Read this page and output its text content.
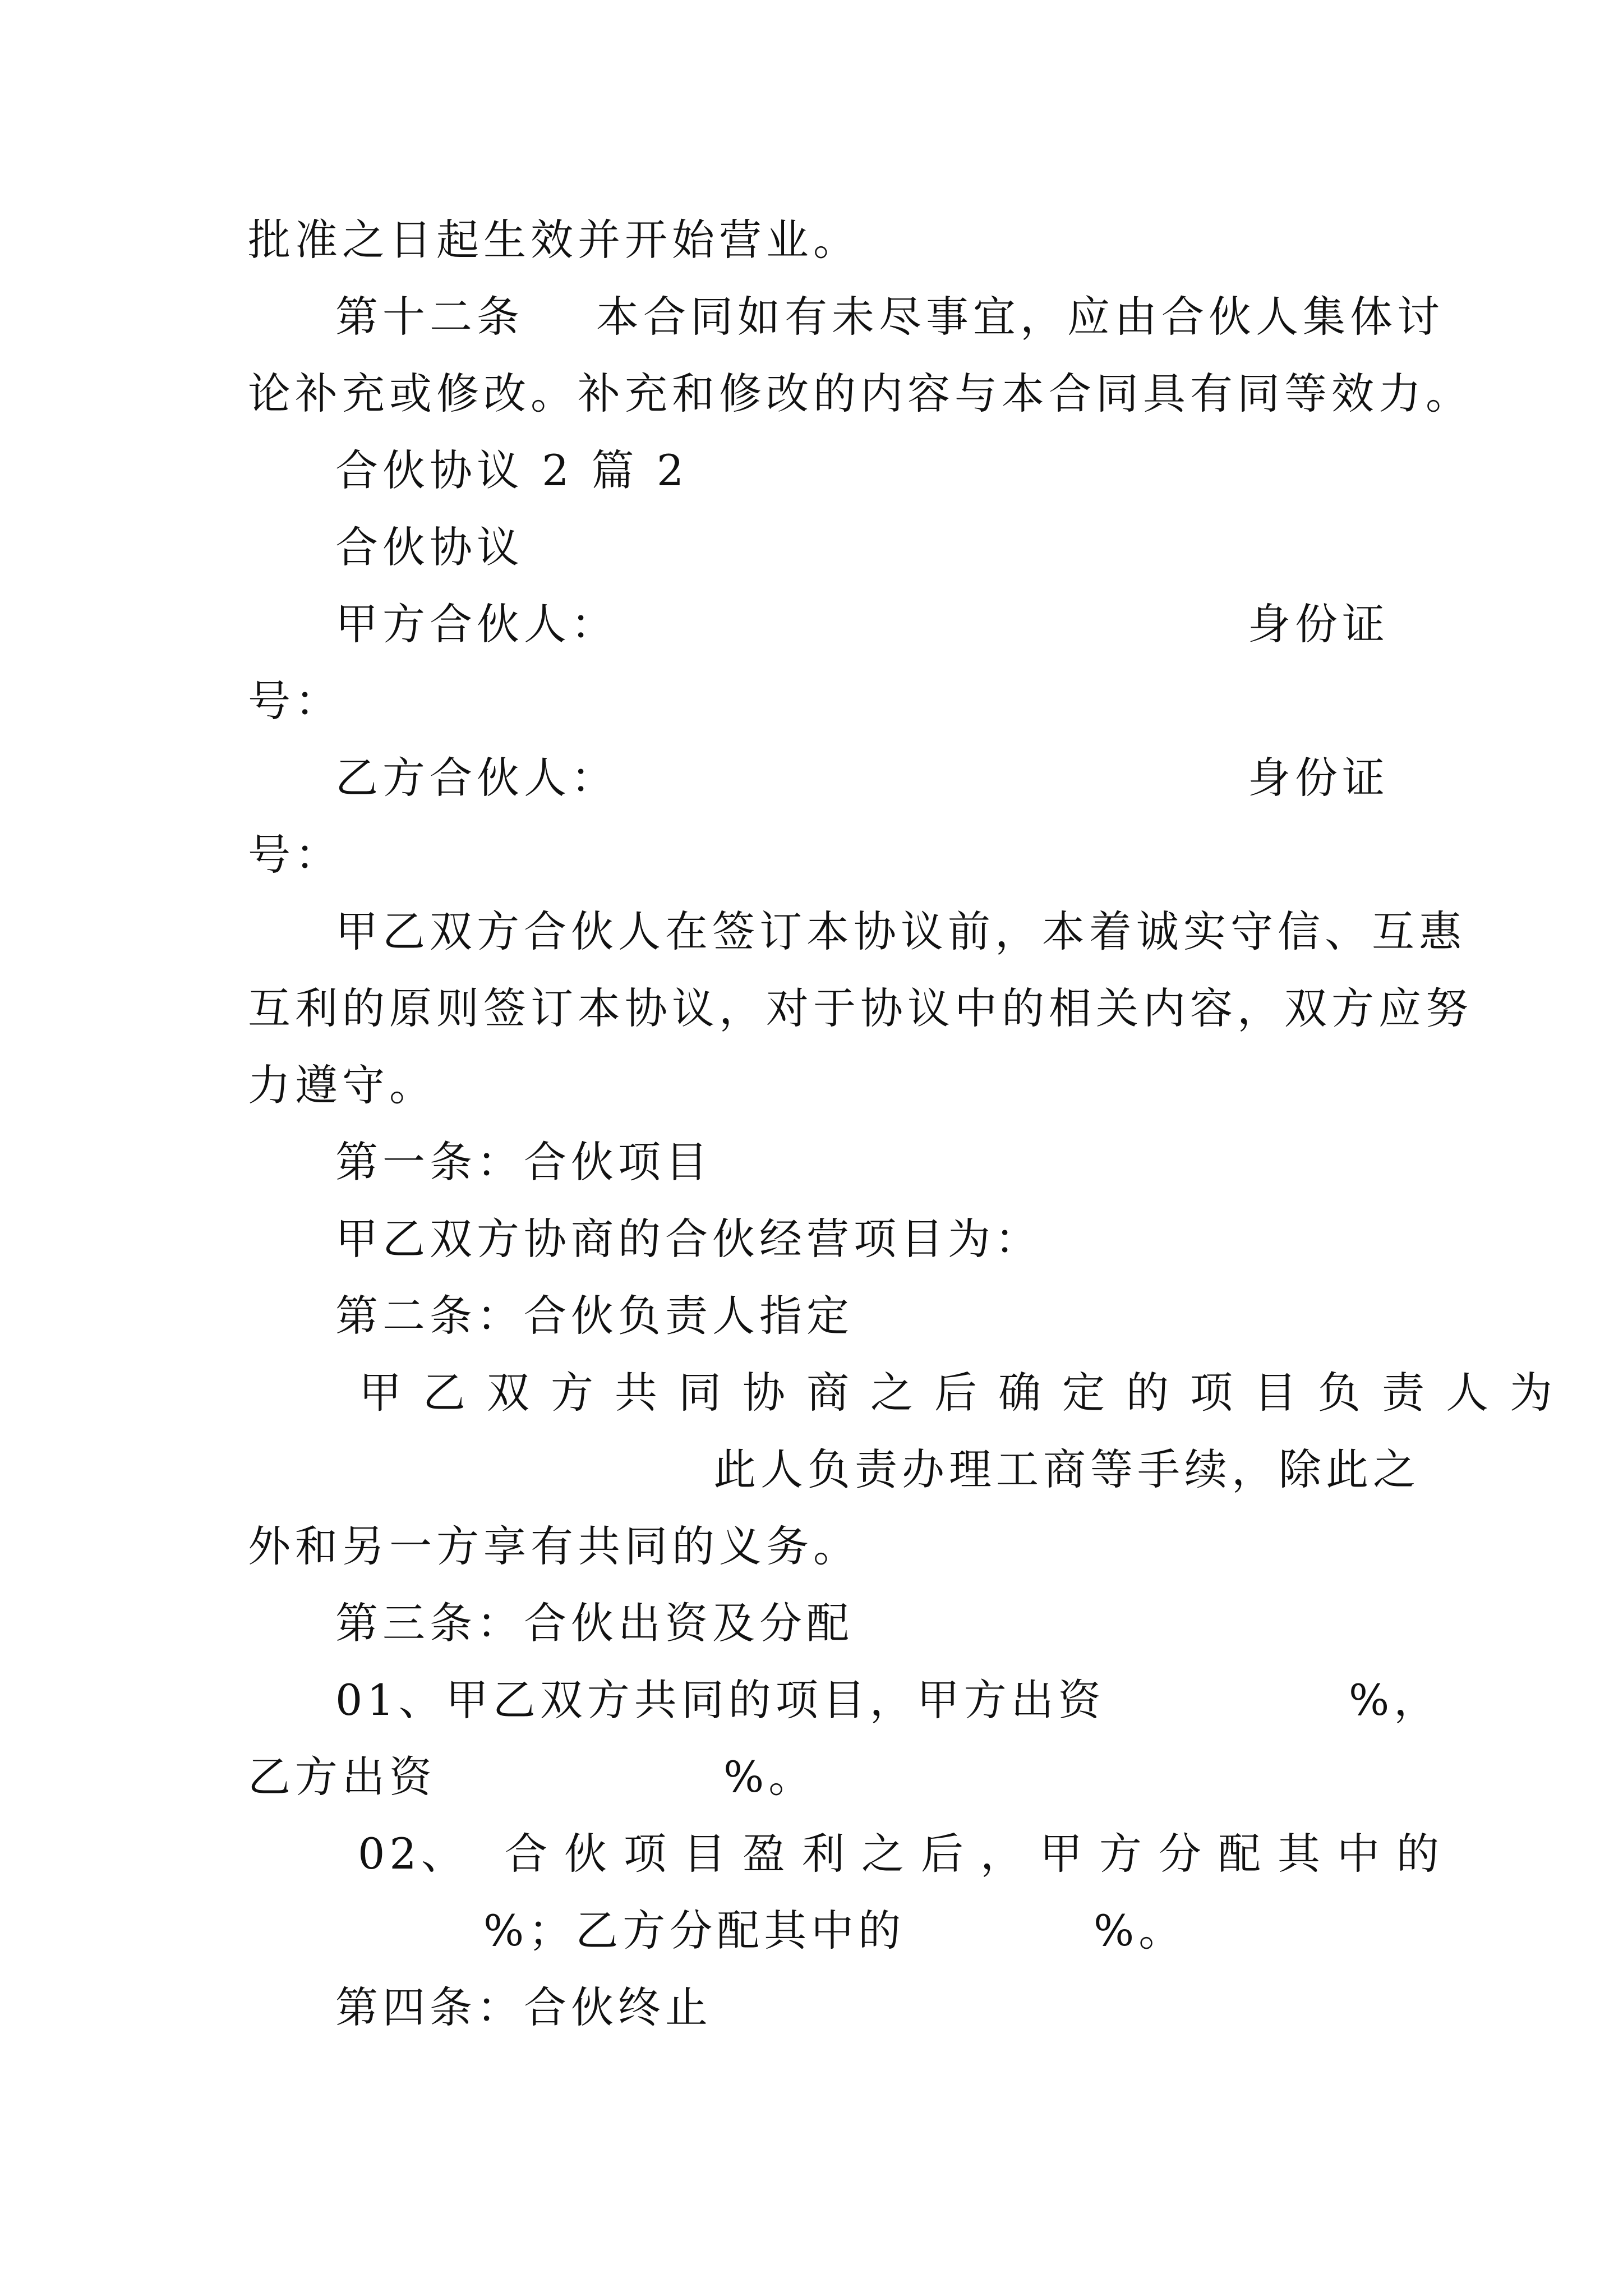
批准之日起生效并开始营业。
第十二条 本合同如有未尽事宜，应由合伙人集体讨
论补充或修改。补充和修改的内容与本合同具有同等效力。
合伙协议 2 篇 2
合伙协议
甲方合伙人：	身份证
号：
乙方合伙人：	身份证
号：
甲乙双方合伙人在签订本协议前，本着诚实守信、互惠
互利的原则签订本协议，对于协议中的相关内容，双方应努
力遵守。
第一条：合伙项目
甲乙双方协商的合伙经营项目为：
第二条：合伙负责人指定
甲乙双方共同协商之后确定的项目负责人为
此人负责办理工商等手续，除此之
外和另一方享有共同的义务。
第三条：合伙出资及分配
01、甲乙双方共同的项目，甲方出资	%，
乙方出资	%。
02、 合伙项目盈利之后，甲方分配其中的
%；乙方分配其中的	%。
第四条：合伙终止
